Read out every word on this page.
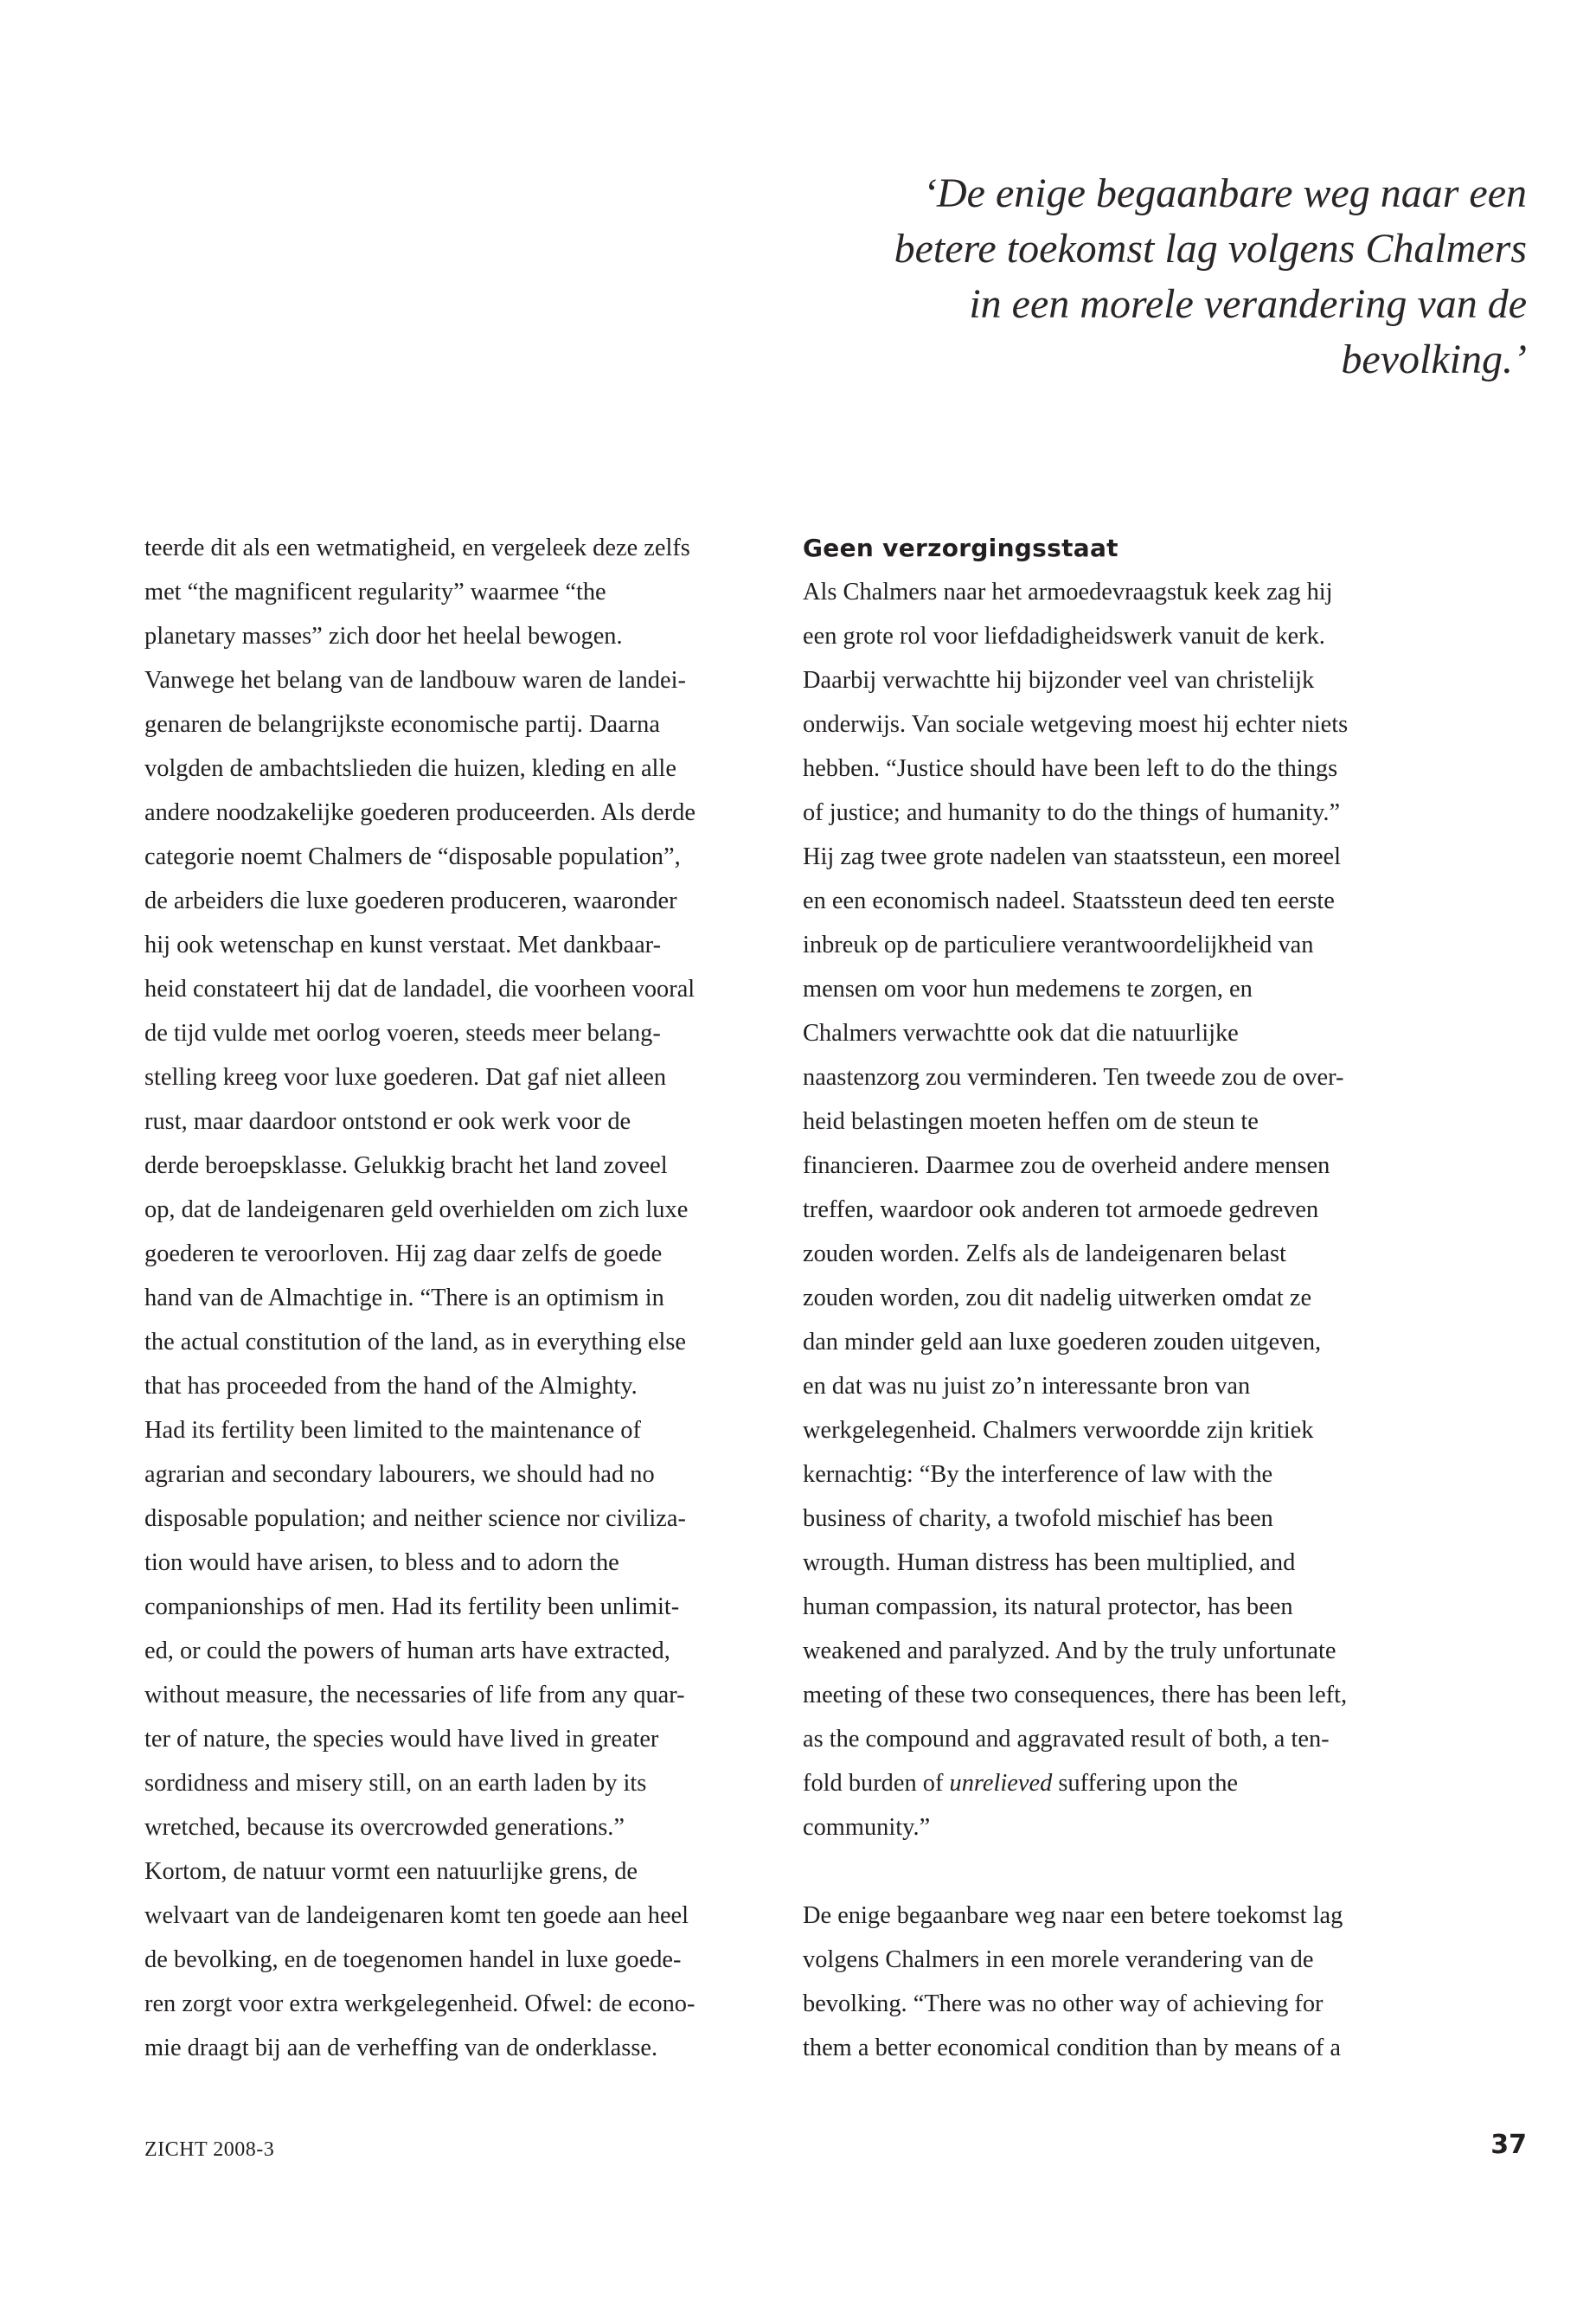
‘De enige begaanbare weg naar een
betere toekomst lag volgens Chalmers
in een morele verandering van de
bevolking.’
teerde dit als een wetmatigheid, en vergeleek deze zelfs
met “the magnificent regularity” waarmee “the
planetary masses” zich door het heelal bewogen.
Vanwege het belang van de landbouw waren de landei-
genaren de belangrijkste economische partij. Daarna
volgden de ambachtslieden die huizen, kleding en alle
andere noodzakelijke goederen produceerden. Als derde
categorie noemt Chalmers de “disposable population”,
de arbeiders die luxe goederen produceren, waaronder
hij ook wetenschap en kunst verstaat. Met dankbaar-
heid constateert hij dat de landadel, die voorheen vooral
de tijd vulde met oorlog voeren, steeds meer belang-
stelling kreeg voor luxe goederen. Dat gaf niet alleen
rust, maar daardoor ontstond er ook werk voor de
derde beroepsklasse. Gelukkig bracht het land zoveel
op, dat de landeigenaren geld overhielden om zich luxe
goederen te veroorloven. Hij zag daar zelfs de goede
hand van de Almachtige in. “There is an optimism in
the actual constitution of the land, as in everything else
that has proceeded from the hand of the Almighty.
Had its fertility been limited to the maintenance of
agrarian and secondary labourers, we should had no
disposable population; and neither science nor civiliza-
tion would have arisen, to bless and to adorn the
companionships of men. Had its fertility been unlimit-
ed, or could the powers of human arts have extracted,
without measure, the necessaries of life from any quar-
ter of nature, the species would have lived in greater
sordidness and misery still, on an earth laden by its
wretched, because its overcrowded generations.”
Kortom, de natuur vormt een natuurlijke grens, de
welvaart van de landeigenaren komt ten goede aan heel
de bevolking, en de toegenomen handel in luxe goede-
ren zorgt voor extra werkgelegenheid. Ofwel: de econo-
mie draagt bij aan de verheffing van de onderklasse.
Geen verzorgingsstaat
Als Chalmers naar het armoedevraagstuk keek zag hij
een grote rol voor liefdadigheidswerk vanuit de kerk.
Daarbij verwachtte hij bijzonder veel van christelijk
onderwijs. Van sociale wetgeving moest hij echter niets
hebben. “Justice should have been left to do the things
of justice; and humanity to do the things of humanity.”
Hij zag twee grote nadelen van staatssteun, een moreel
en een economisch nadeel. Staatssteun deed ten eerste
inbreuk op de particuliere verantwoordelijkheid van
mensen om voor hun medemens te zorgen, en
Chalmers verwachtte ook dat die natuurlijke
naastenzorg zou verminderen. Ten tweede zou de over-
heid belastingen moeten heffen om de steun te
financieren. Daarmee zou de overheid andere mensen
treffen, waardoor ook anderen tot armoede gedreven
zouden worden. Zelfs als de landeigenaren belast
zouden worden, zou dit nadelig uitwerken omdat ze
dan minder geld aan luxe goederen zouden uitgeven,
en dat was nu juist zo’n interessante bron van
werkgelegenheid. Chalmers verwoordde zijn kritiek
kernachtig: “By the interference of law with the
business of charity, a twofold mischief has been
wrougth. Human distress has been multiplied, and
human compassion, its natural protector, has been
weakened and paralyzed. And by the truly unfortunate
meeting of these two consequences, there has been left,
as the compound and aggravated result of both, a ten-
fold burden of unrelieved suffering upon the
community.”
De enige begaanbare weg naar een betere toekomst lag
volgens Chalmers in een morele verandering van de
bevolking. “There was no other way of achieving for
them a better economical condition than by means of a
ZICHT 2008-3	37
